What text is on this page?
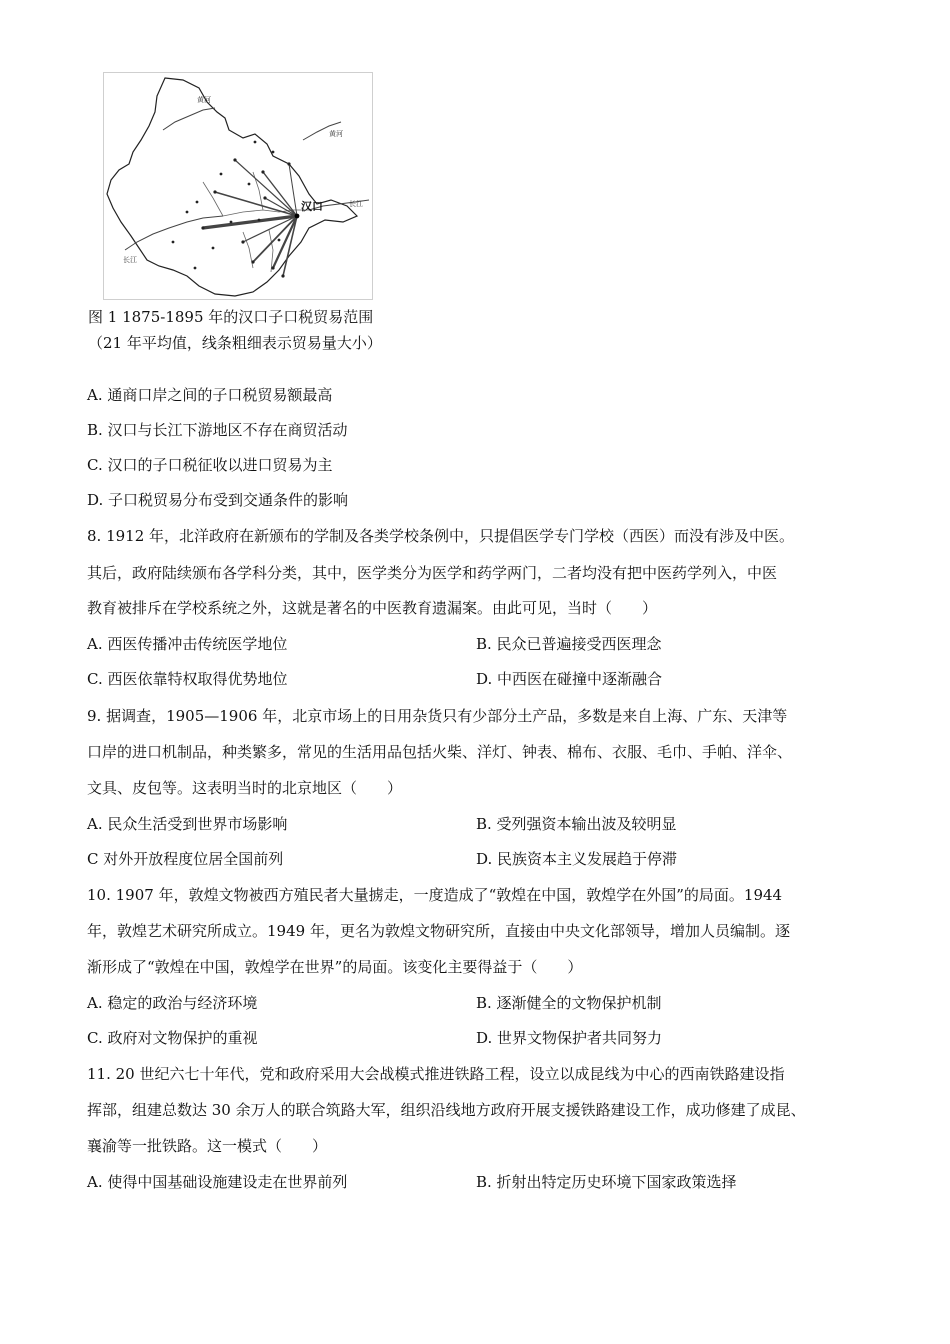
汉口	长江
长江
黄河
黄河
图 1 1875-1895 年的汉口子口税贸易范围
（21 年平均值，线条粗细表示贸易量大小）
A. 通商口岸之间的子口税贸易额最高
B. 汉口与长江下游地区不存在商贸活动
C. 汉口的子口税征收以进口贸易为主
D. 子口税贸易分布受到交通条件的影响
8. 1912 年，北洋政府在新颁布的学制及各类学校条例中，只提倡医学专门学校（西医）而没有涉及中医。
其后，政府陆续颁布各学科分类，其中，医学类分为医学和药学两门，二者均没有把中医药学列入，中医
教育被排斥在学校系统之外，这就是著名的中医教育遗漏案。由此可见，当时（　　）
A. 西医传播冲击传统医学地位	B. 民众已普遍接受西医理念
C. 西医依靠特权取得优势地位	D. 中西医在碰撞中逐渐融合
9. 据调查，1905—1906 年，北京市场上的日用杂货只有少部分土产品，多数是来自上海、广东、天津等
口岸的进口机制品，种类繁多，常见的生活用品包括火柴、洋灯、钟表、棉布、衣服、毛巾、手帕、洋伞、
文具、皮包等。这表明当时的北京地区（　　）
A. 民众生活受到世界市场影响	B. 受列强资本输出波及较明显
C 对外开放程度位居全国前列	D. 民族资本主义发展趋于停滞
10. 1907 年，敦煌文物被西方殖民者大量掳走，一度造成了“敦煌在中国，敦煌学在外国”的局面。1944
年，敦煌艺术研究所成立。1949 年，更名为敦煌文物研究所，直接由中央文化部领导，增加人员编制。逐
渐形成了“敦煌在中国，敦煌学在世界”的局面。该变化主要得益于（　　）
A. 稳定的政治与经济环境	B. 逐渐健全的文物保护机制
C. 政府对文物保护的重视	D. 世界文物保护者共同努力
11. 20 世纪六七十年代，党和政府采用大会战模式推进铁路工程，设立以成昆线为中心的西南铁路建设指
挥部，组建总数达 30 余万人的联合筑路大军，组织沿线地方政府开展支援铁路建设工作，成功修建了成昆、
襄渝等一批铁路。这一模式（　　）
A. 使得中国基础设施建设走在世界前列	B. 折射出特定历史环境下国家政策选择
